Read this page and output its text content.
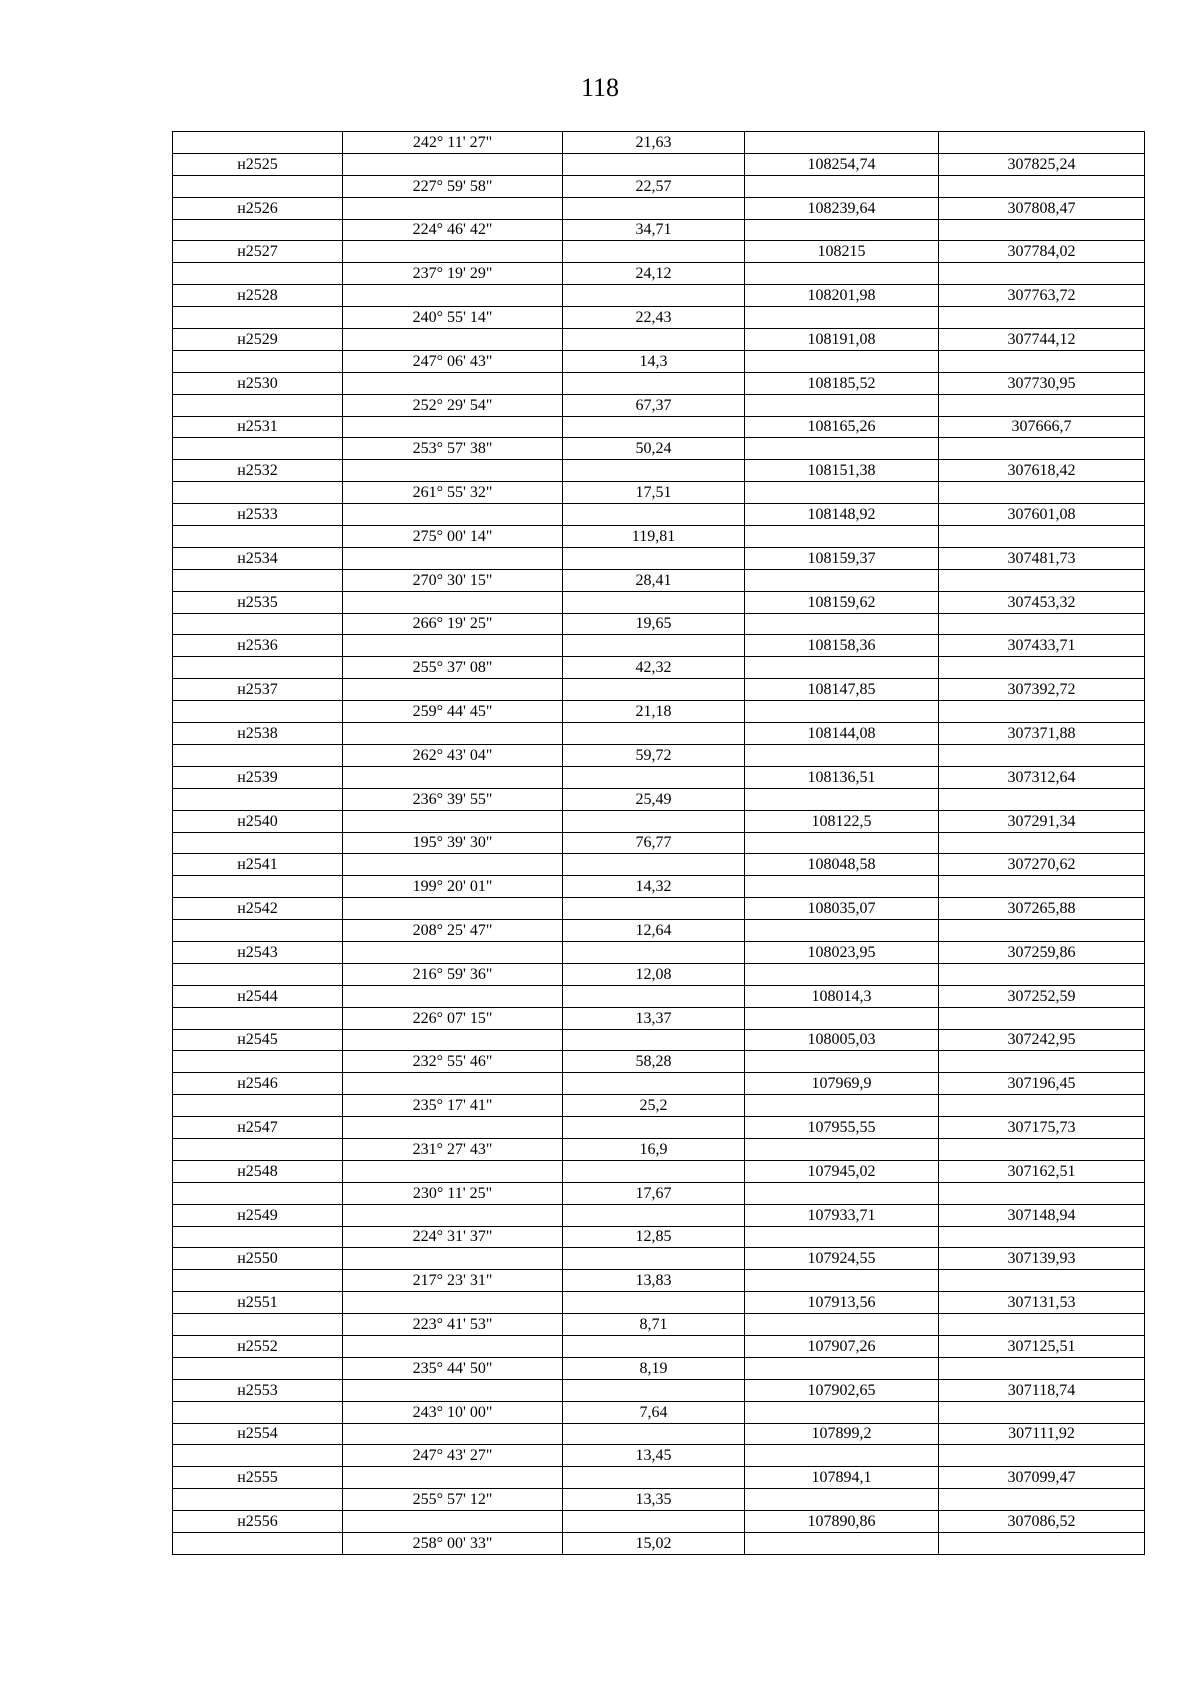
118
	242° 11' 27"	21,63		
н2525			108254,74	307825,24
	227° 59' 58"	22,57		
н2526			108239,64	307808,47
	224° 46' 42"	34,71		
н2527			108215	307784,02
	237° 19' 29"	24,12		
н2528			108201,98	307763,72
	240° 55' 14"	22,43		
н2529			108191,08	307744,12
	247° 06' 43"	14,3		
н2530			108185,52	307730,95
	252° 29' 54"	67,37		
н2531			108165,26	307666,7
	253° 57' 38"	50,24		
н2532			108151,38	307618,42
	261° 55' 32"	17,51		
н2533			108148,92	307601,08
	275° 00' 14"	119,81		
н2534			108159,37	307481,73
	270° 30' 15"	28,41		
н2535			108159,62	307453,32
	266° 19' 25"	19,65		
н2536			108158,36	307433,71
	255° 37' 08"	42,32		
н2537			108147,85	307392,72
	259° 44' 45"	21,18		
н2538			108144,08	307371,88
	262° 43' 04"	59,72		
н2539			108136,51	307312,64
	236° 39' 55"	25,49		
н2540			108122,5	307291,34
	195° 39' 30"	76,77		
н2541			108048,58	307270,62
	199° 20' 01"	14,32		
н2542			108035,07	307265,88
	208° 25' 47"	12,64		
н2543			108023,95	307259,86
	216° 59' 36"	12,08		
н2544			108014,3	307252,59
	226° 07' 15"	13,37		
н2545			108005,03	307242,95
	232° 55' 46"	58,28		
н2546			107969,9	307196,45
	235° 17' 41"	25,2		
н2547			107955,55	307175,73
	231° 27' 43"	16,9		
н2548			107945,02	307162,51
	230° 11' 25"	17,67		
н2549			107933,71	307148,94
	224° 31' 37"	12,85		
н2550			107924,55	307139,93
	217° 23' 31"	13,83		
н2551			107913,56	307131,53
	223° 41' 53"	8,71		
н2552			107907,26	307125,51
	235° 44' 50"	8,19		
н2553			107902,65	307118,74
	243° 10' 00"	7,64		
н2554			107899,2	307111,92
	247° 43' 27"	13,45		
н2555			107894,1	307099,47
	255° 57' 12"	13,35		
н2556			107890,86	307086,52
	258° 00' 33"	15,02		
